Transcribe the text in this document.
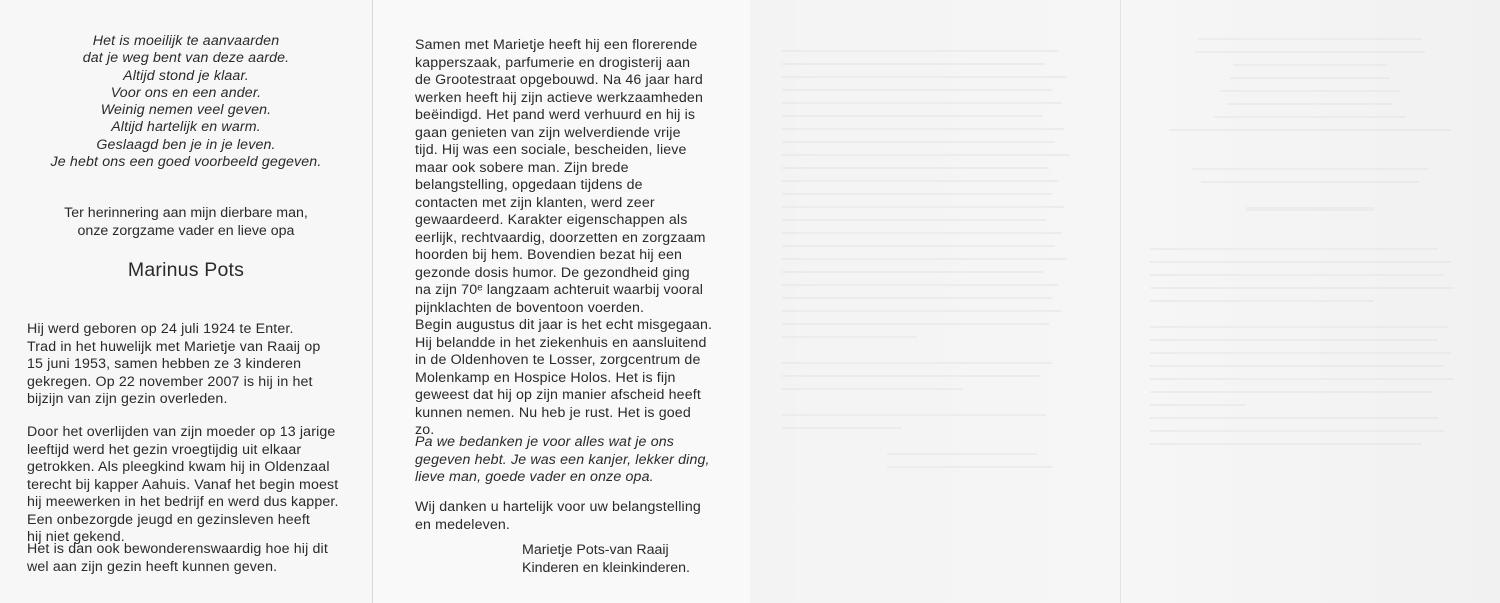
Het is moeilijk te aanvaarden
dat je weg bent van deze aarde.
Altijd stond je klaar.
Voor ons en een ander.
Weinig nemen veel geven.
Altijd hartelijk en warm.
Geslaagd ben je in je leven.
Je hebt ons een goed voorbeeld gegeven.
Ter herinnering aan mijn dierbare man,
onze zorgzame vader en lieve opa
Marinus Pots
Hij werd geboren op 24 juli 1924 te Enter.
Trad in het huwelijk met Marietje van Raaij op
15 juni 1953, samen hebben ze 3 kinderen
gekregen. Op 22 november 2007 is hij in het
bijzijn van zijn gezin overleden.
Door het overlijden van zijn moeder op 13 jarige
leeftijd werd het gezin vroegtijdig uit elkaar
getrokken. Als pleegkind kwam hij in Oldenzaal
terecht bij kapper Aahuis. Vanaf het begin moest
hij meewerken in het bedrijf en werd dus kapper.
Een onbezorgde jeugd en gezinsleven heeft
hij niet gekend.
Het is dan ook bewonderenswaardig hoe hij dit
wel aan zijn gezin heeft kunnen geven.
Samen met Marietje heeft hij een florerende
kapperszaak, parfumerie en drogisterij aan
de Grootestraat opgebouwd. Na 46 jaar hard
werken heeft hij zijn actieve werkzaamheden
beëindigd. Het pand werd verhuurd en hij is
gaan genieten van zijn welverdiende vrije
tijd. Hij was een sociale, bescheiden, lieve
maar ook sobere man. Zijn brede
belangstelling, opgedaan tijdens de
contacten met zijn klanten, werd zeer
gewaardeerd. Karakter eigenschappen als
eerlijk, rechtvaardig, doorzetten en zorgzaam
hoorden bij hem. Bovendien bezat hij een
gezonde dosis humor. De gezondheid ging
na zijn 70ᵉ langzaam achteruit waarbij vooral
pijnklachten de boventoon voerden.
Begin augustus dit jaar is het echt misgegaan.
Hij belandde in het ziekenhuis en aansluitend
in de Oldenhoven te Losser, zorgcentrum de
Molenkamp en Hospice Holos. Het is fijn
geweest dat hij op zijn manier afscheid heeft
kunnen nemen. Nu heb je rust. Het is goed
zo.
Pa we bedanken je voor alles wat je ons
gegeven hebt. Je was een kanjer, lekker ding,
lieve man, goede vader en onze opa.
Wij danken u hartelijk voor uw belangstelling
en medeleven.
Marietje Pots-van Raaij
Kinderen en kleinkinderen.
